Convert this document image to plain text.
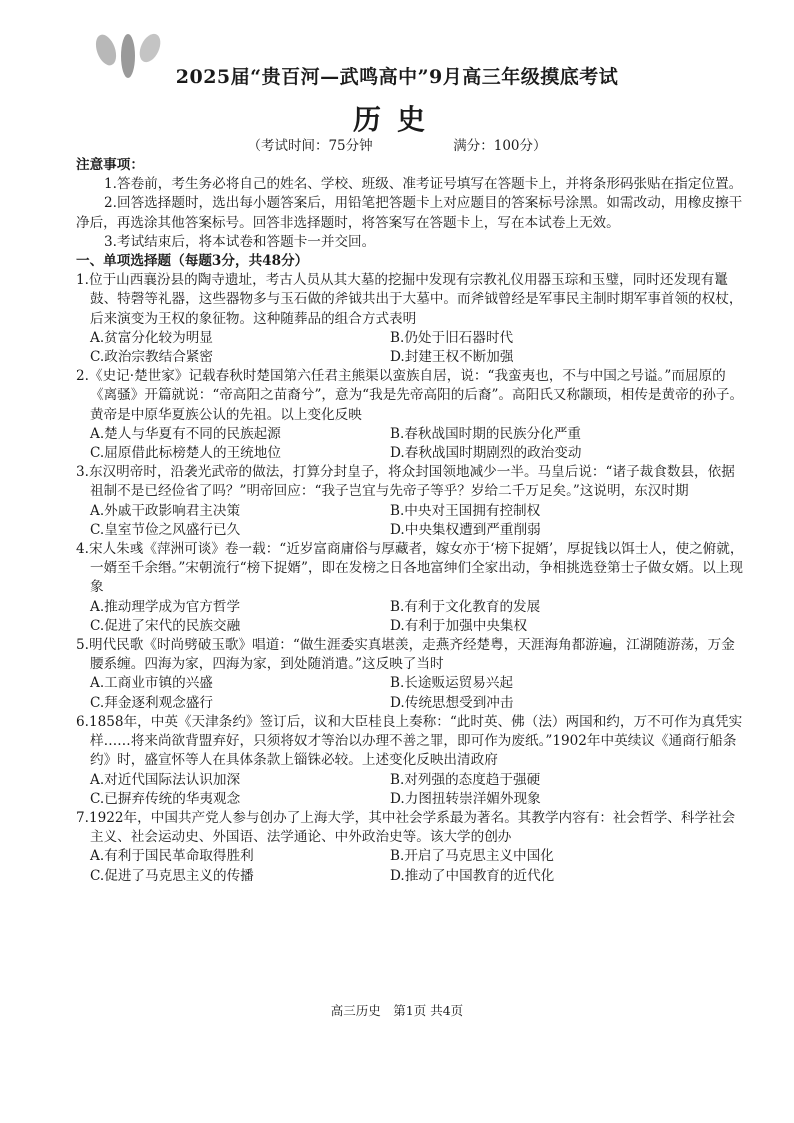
2025届“贵百河—武鸣高中”9月高三年级摸底考试
历史
（考试时间：75分钟	满分：100分）
注意事项：

1.答卷前，考生务必将自己的姓名、学校、班级、准考证号填写在答题卡上，并将条形码张贴在指定位置。

2.回答选择题时，选出每小题答案后，用铅笔把答题卡上对应题目的答案标号涂黑。如需改动，用橡皮擦干净后，再选涂其他答案标号。回答非选择题时，将答案写在答题卡上，写在本试卷上无效。

3.考试结束后，将本试卷和答题卡一并交回。

一、单项选择题（每题3分，共48分）
1.位于山西襄汾县的陶寺遗址，考古人员从其大墓的挖掘中发现有宗教礼仪用器玉琮和玉璧，同时还发现有鼍鼓、特磬等礼器，这些器物多与玉石做的斧钺共出于大墓中。而斧钺曾经是军事民主制时期军事首领的权杖，后来演变为王权的象征物。这种随葬品的组合方式表明
A.贫富分化较为明显	B.仍处于旧石器时代
C.政治宗教结合紧密	D.封建王权不断加强
2.《史记·楚世家》记载春秋时楚国第六任君主熊渠以蛮族自居，说：“我蛮夷也，不与中国之号谥。”而屈原的《离骚》开篇就说：“帝高阳之苗裔兮”，意为“我是先帝高阳的后裔”。高阳氏又称颛顼，相传是黄帝的孙子。黄帝是中原华夏族公认的先祖。以上变化反映
A.楚人与华夏有不同的民族起源	B.春秋战国时期的民族分化严重
C.屈原借此标榜楚人的王统地位	D.春秋战国时期剧烈的政治变动
3.东汉明帝时，沿袭光武帝的做法，打算分封皇子，将众封国领地减少一半。马皇后说：“诸子裁食数县，依据祖制不是已经俭省了吗？”明帝回应：“我子岂宜与先帝子等乎？岁给二千万足矣。”这说明，东汉时期
A.外戚干政影响君主决策	B.中央对王国拥有控制权
C.皇室节俭之风盛行已久	D.中央集权遭到严重削弱
4.宋人朱彧《萍洲可谈》卷一载：“近岁富商庸俗与厚藏者，嫁女亦于‘榜下捉婿’，厚捉钱以饵士人，使之俯就，一婿至千余缗。”宋朝流行“榜下捉婿”，即在发榜之日各地富绅们全家出动，争相挑选登第士子做女婿。以上现象
A.推动理学成为官方哲学	B.有利于文化教育的发展
C.促进了宋代的民族交融	D.有利于加强中央集权
5.明代民歌《时尚劈破玉歌》唱道：“做生涯委实真堪羡，走燕齐经楚粤，天涯海角都游遍，江湖随游荡，万金腰系缠。四海为家，四海为家，到处随消遣。”这反映了当时
A.工商业市镇的兴盛	B.长途贩运贸易兴起
C.拜金逐利观念盛行	D.传统思想受到冲击
6.1858年，中英《天津条约》签订后，议和大臣桂良上奏称：“此时英、佛（法）两国和约，万不可作为真凭实样……将来尚欲背盟弃好，只须将奴才等治以办理不善之罪，即可作为废纸。”1902年中英续议《通商行船条约》时，盛宣怀等人在具体条款上锱铢必较。上述变化反映出清政府
A.对近代国际法认识加深	B.对列强的态度趋于强硬
C.已摒弃传统的华夷观念	D.力图扭转崇洋媚外现象
7.1922年，中国共产党人参与创办了上海大学，其中社会学系最为著名。其教学内容有：社会哲学、科学社会主义、社会运动史、外国语、法学通论、中外政治史等。该大学的创办
A.有利于国民革命取得胜利	B.开启了马克思主义中国化
C.促进了马克思主义的传播	D.推动了中国教育的近代化
高三历史　第1页 共4页
